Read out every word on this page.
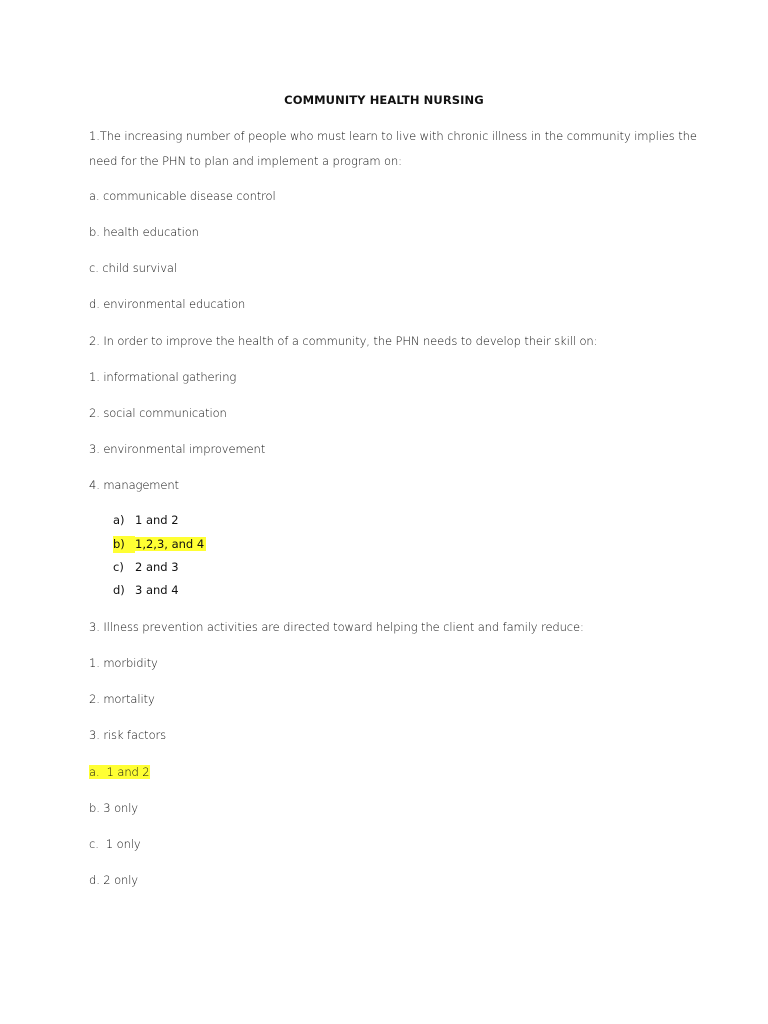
COMMUNITY HEALTH NURSING
1.The increasing number of people who must learn to live with chronic illness in the community implies the
need for the PHN to plan and implement a program on:
a. communicable disease control
b. health education
c. child survival
d. environmental education
2. In order to improve the health of a community, the PHN needs to develop their skill on:
1. informational gathering
2. social communication
3. environmental improvement
4. management
a) 1 and 2
b) 1,2,3, and 4
c) 2 and 3
d) 3 and 4
3. Illness prevention activities are directed toward helping the client and family reduce:
1. morbidity
2. mortality
3. risk factors
a.  1 and 2
b. 3 only
c.  1 only
d. 2 only
